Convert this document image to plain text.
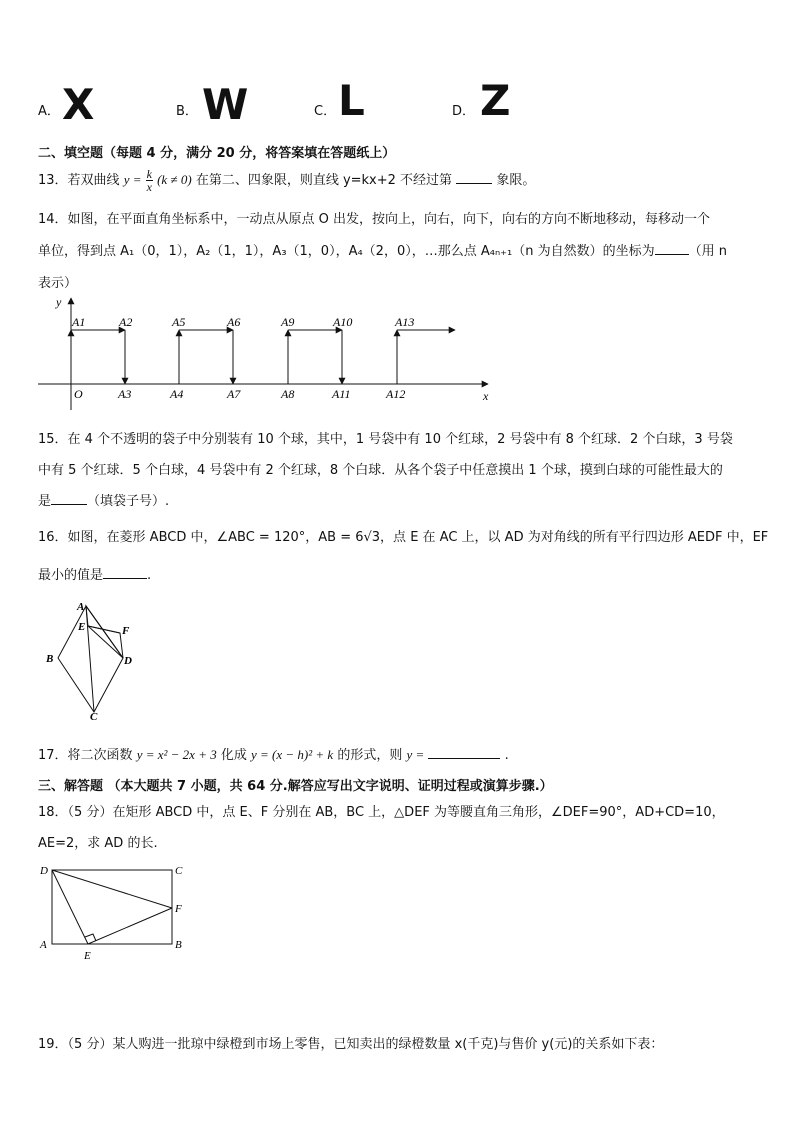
A． X	B． W	C． L	D． Z
二、填空题（每题 4 分，满分 20 分，将答案填在答题纸上）
13．若双曲线 $y = \frac{k}{x} (k \ne 0)$ 在第二、四象限，则直线 y=kx+2 不经过第	象限。
14．如图，在平面直角坐标系中，一动点从原点 O 出发，按向上，向右，向下，向右的方向不断地移动，每移动一个
单位，得到点 A₁（0，1），A₂（1，1），A₃（1，0），A₄（2，0），…那么点 A₄ₙ₊₁（n 为自然数）的坐标为	（用 n
表示）
y
x
O
A1	A2	A5	A6	A9	A10	A13
A3	A4	A7	A8	A11	A12
15．在 4 个不透明的袋子中分别装有 10 个球，其中，1 号袋中有 10 个红球，2 号袋中有 8 个红球．2 个白球，3 号袋
中有 5 个红球．5 个白球，4 号袋中有 2 个红球，8 个白球．从各个袋子中任意摸出 1 个球，摸到白球的可能性最大的
是	（填袋子号）.
16．如图，在菱形 ABCD 中，∠ABC = 120°，AB = 6√3，点 E 在 AC 上，以 AD 为对角线的所有平行四边形 AEDF 中，EF
最小的值是	.
A
B
C
D
E	F
17．将二次函数 y = x² − 2x + 3 化成 y = (x − h)² + k 的形式，则 y =	.
三、解答题 （本大题共 7 小题，共 64 分.解答应写出文字说明、证明过程或演算步骤.）
18．（5 分）在矩形 ABCD 中，点 E、F 分别在 AB，BC 上，△DEF 为等腰直角三角形，∠DEF=90°，AD+CD=10，
AE=2，求 AD 的长.
D	C
F
A
E
B
19．（5 分）某人购进一批琼中绿橙到市场上零售，已知卖出的绿橙数量 x(千克)与售价 y(元)的关系如下表：
